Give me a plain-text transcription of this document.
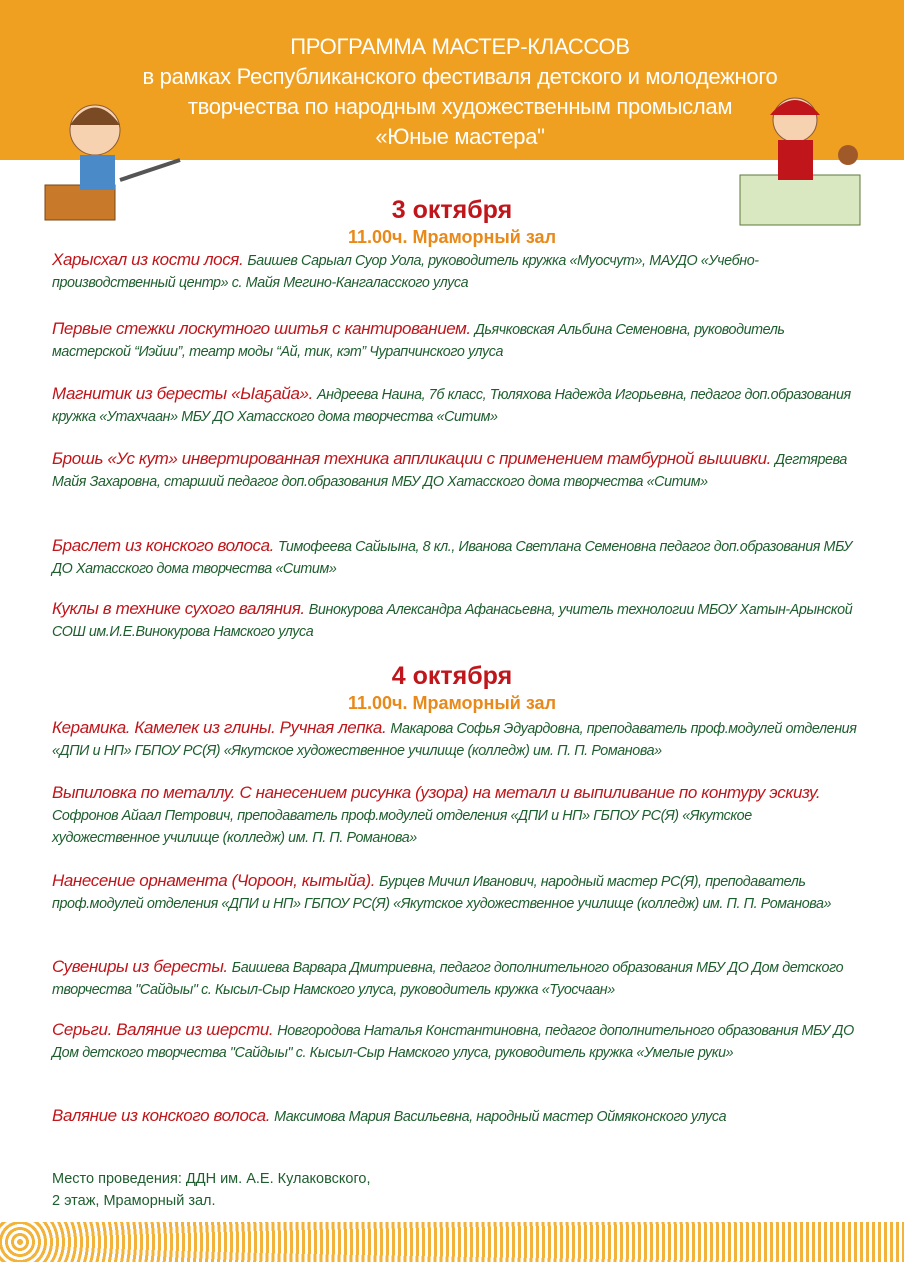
ПРОГРАММА МАСТЕР-КЛАССОВ
в рамках Республиканского фестиваля детского и молодежного
творчества по народным художественным промыслам
«Юные мастера"
3 октября
11.00ч. Мраморный зал
Харысхал из кости лося. Баишев Сарыал Суор Уола, руководитель кружка «Муосчут», МАУДО «Учебно-производственный центр» с. Майя Мегино-Кангаласского улуса
Первые стежки лоскутного шитья с кантированием. Дьячковская Альбина Семеновна, руководитель мастерской “Иэйии”, театр моды “Ай, тик, кэт” Чурапчинского улуса
Магнитик из бересты «Ыаҕайа». Андреева Наина, 7б класс, Тюляхова Надежда Игорьевна, педагог доп.образования кружка «Утахчаан» МБУ ДО Хатасского дома творчества «Ситим»
Брошь «Ус кут» инвертированная техника аппликации с применением тамбурной вышивки. Дегтярева Майя Захаровна, старший педагог доп.образования МБУ ДО Хатасского дома творчества «Ситим»
Браслет из конского волоса. Тимофеева Сайыына, 8 кл., Иванова Светлана Семеновна педагог доп.образования МБУ ДО Хатасского дома творчества «Ситим»
Куклы в технике сухого валяния. Винокурова Александра Афанасьевна, учитель технологии МБОУ Хатын-Арынской СОШ им.И.Е.Винокурова Намского улуса
4 октября
11.00ч. Мраморный зал
Керамика. Камелек из глины. Ручная лепка. Макарова Софья Эдуардовна, преподаватель проф.модулей отделения «ДПИ и НП» ГБПОУ РС(Я) «Якутское художественное училище (колледж) им. П. П. Романова»
Выпиловка по металлу. С нанесением рисунка (узора) на металл и выпиливание по контуру эскизу. Софронов Айаал Петрович, преподаватель проф.модулей отделения «ДПИ и НП» ГБПОУ РС(Я) «Якутское художественное училище (колледж) им. П. П. Романова»
Нанесение орнамента (Чороон, кытыйа). Бурцев Мичил Иванович, народный мастер РС(Я), преподаватель проф.модулей отделения «ДПИ и НП» ГБПОУ РС(Я) «Якутское художественное училище (колледж) им. П. П. Романова»
Сувениры из бересты. Баишева Варвара Дмитриевна, педагог дополнительного образования МБУ ДО Дом детского творчества "Сайдыы" с. Кысыл-Сыр Намского улуса, руководитель кружка «Туосчаан»
Серьги. Валяние из шерсти. Новгородова Наталья Константиновна, педагог дополнительного образования МБУ ДО Дом детского творчества "Сайдыы" с. Кысыл-Сыр Намского улуса, руководитель кружка «Умелые руки»
Валяние из конского волоса. Максимова Мария Васильевна, народный мастер Оймяконского улуса
Место проведения: ДДН им. А.Е. Кулаковского,
2 этаж, Мраморный зал.
